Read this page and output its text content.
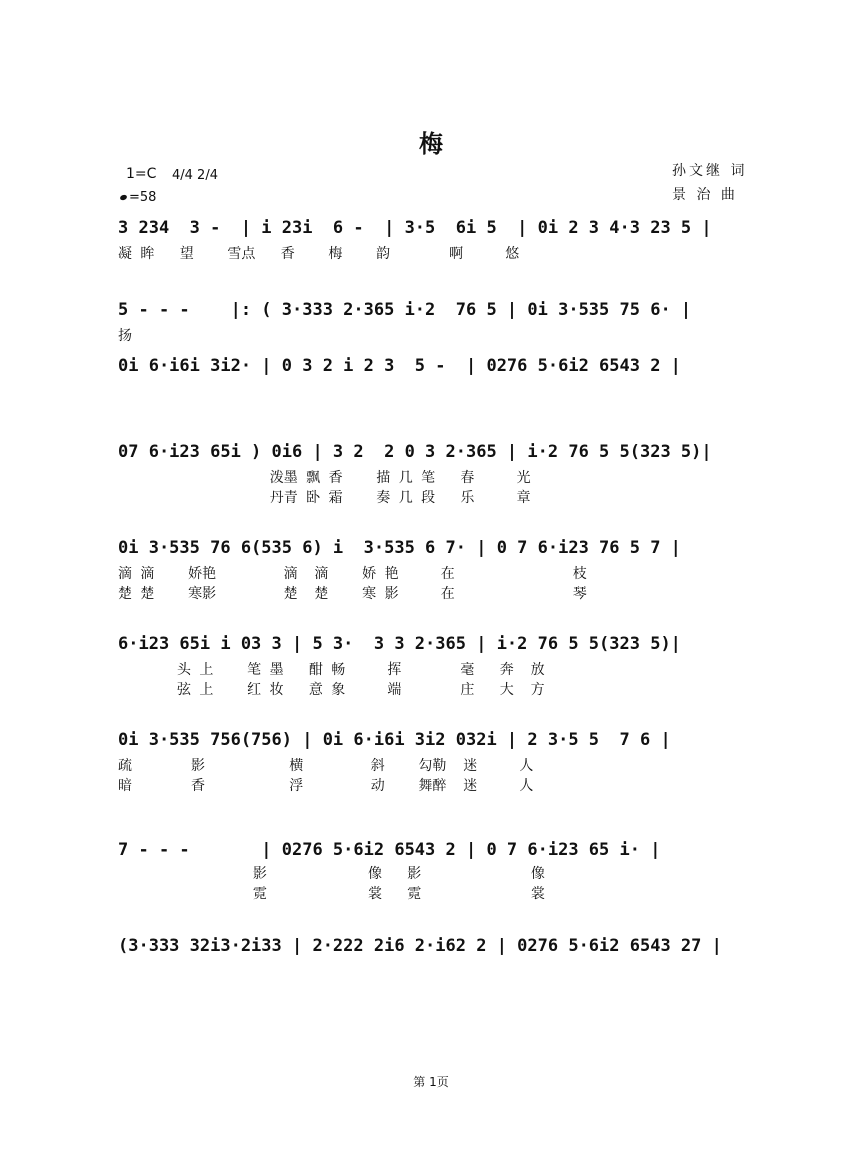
梅
1=C 4/4 2/4
=58
孙文继 词
景 治 曲
3 234  3 -  | i 23i  6 -  | 3·5  6i 5  | 0i 2 3 4·3 23 5 |
凝 眸   望    雪点   香    梅    韵       啊     悠
5 - - -    |: ( 3·333 2·365 i·2  76 5 | 0i 3·535 75 6· |
扬
0i 6·i6i 3i2· | 0 3 2 i 2 3  5 -  | 0276 5·6i2 6543 2 |
07 6·i23 65i ) 0i6 | 3 2  2 0 3 2·365 | i·2 76 5 5(323 5)|
泼墨 飘 香    描 几 笔   春     光
丹青 卧 霜    奏 几 段   乐     章
0i 3·535 76 6(535 6) i  3·535 6 7· | 0 7 6·i23 76 5 7 |
滴 滴    娇艳        滴  滴    娇 艳     在              枝
楚 楚    寒影        楚  楚    寒 影     在              琴
6·i23 65i i 03 3 | 5 3·  3 3 2·365 | i·2 76 5 5(323 5)|
头 上    笔 墨   酣 畅     挥       毫   奔  放
弦 上    红 妆   意 象     端       庄   大  方
0i 3·535 756(756) | 0i 6·i6i 3i2 032i | 2 3·5 5  7 6 |
疏       影          横        斜    勾勒  迷     人
暗       香          浮        动    舞醉  迷     人
7 - - -       | 0276 5·6i2 6543 2 | 0 7 6·i23 65 i· |
影            像   影             像
霓            裳   霓             裳
(3·333 32i3·2i33 | 2·222 2i6 2·i62 2 | 0276 5·6i2 6543 27 |
第 1页
